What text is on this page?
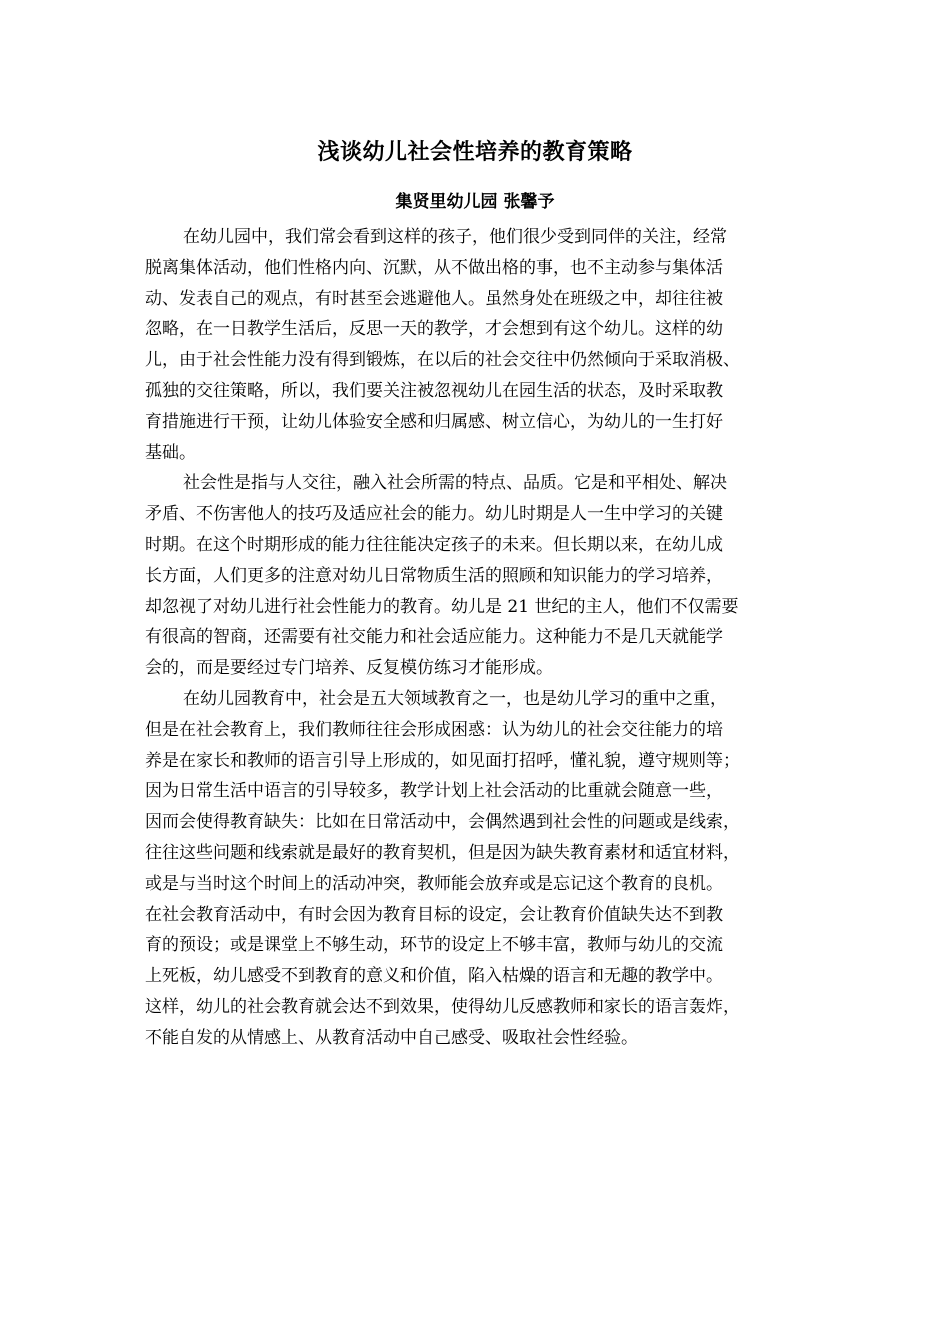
浅谈幼儿社会性培养的教育策略
集贤里幼儿园 张馨予
在幼儿园中，我们常会看到这样的孩子，他们很少受到同伴的关注，经常
脱离集体活动，他们性格内向、沉默，从不做出格的事，也不主动参与集体活
动、发表自己的观点，有时甚至会逃避他人。虽然身处在班级之中，却往往被
忽略，在一日教学生活后，反思一天的教学，才会想到有这个幼儿。这样的幼
儿，由于社会性能力没有得到锻炼，在以后的社会交往中仍然倾向于采取消极、
孤独的交往策略，所以，我们要关注被忽视幼儿在园生活的状态，及时采取教
育措施进行干预，让幼儿体验安全感和归属感、树立信心，为幼儿的一生打好
基础。
社会性是指与人交往，融入社会所需的特点、品质。它是和平相处、解决
矛盾、不伤害他人的技巧及适应社会的能力。幼儿时期是人一生中学习的关键
时期。在这个时期形成的能力往往能决定孩子的未来。但长期以来，在幼儿成
长方面，人们更多的注意对幼儿日常物质生活的照顾和知识能力的学习培养，
却忽视了对幼儿进行社会性能力的教育。幼儿是 21 世纪的主人，他们不仅需要
有很高的智商，还需要有社交能力和社会适应能力。这种能力不是几天就能学
会的，而是要经过专门培养、反复模仿练习才能形成。
在幼儿园教育中，社会是五大领域教育之一，也是幼儿学习的重中之重，
但是在社会教育上，我们教师往往会形成困惑：认为幼儿的社会交往能力的培
养是在家长和教师的语言引导上形成的，如见面打招呼，懂礼貌，遵守规则等；
因为日常生活中语言的引导较多，教学计划上社会活动的比重就会随意一些，
因而会使得教育缺失：比如在日常活动中，会偶然遇到社会性的问题或是线索，
往往这些问题和线索就是最好的教育契机，但是因为缺失教育素材和适宜材料，
或是与当时这个时间上的活动冲突，教师能会放弃或是忘记这个教育的良机。
在社会教育活动中，有时会因为教育目标的设定，会让教育价值缺失达不到教
育的预设；或是课堂上不够生动，环节的设定上不够丰富，教师与幼儿的交流
上死板，幼儿感受不到教育的意义和价值，陷入枯燥的语言和无趣的教学中。
这样，幼儿的社会教育就会达不到效果，使得幼儿反感教师和家长的语言轰炸，
不能自发的从情感上、从教育活动中自己感受、吸取社会性经验。
